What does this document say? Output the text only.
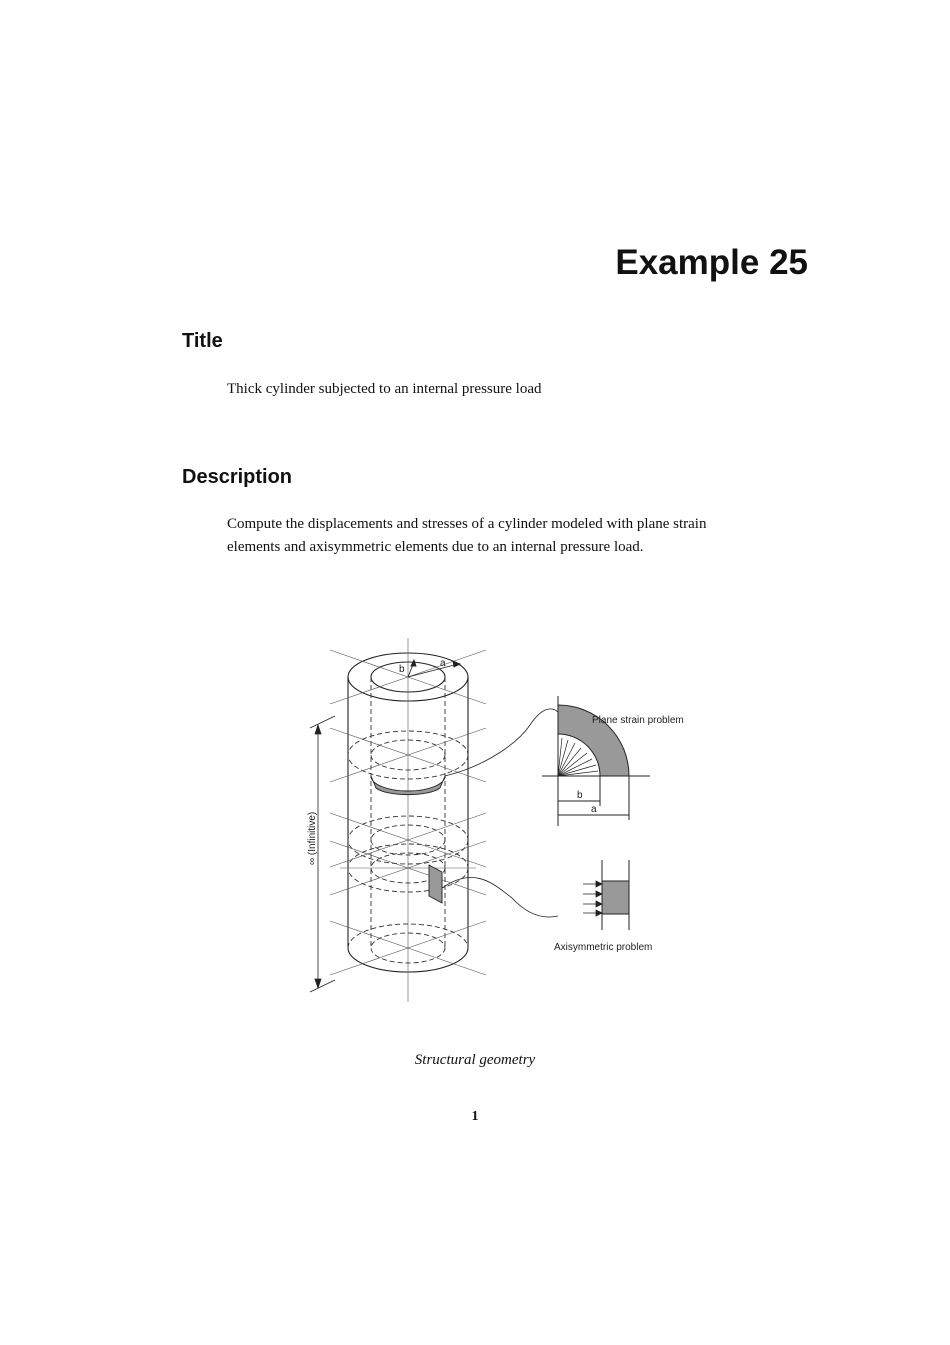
Example 25
Title

Thick cylinder subjected to an internal pressure load

Description

Compute the displacements and stresses of a cylinder modeled with plane strain

elements and axisymmetric elements due to an internal pressure load.

b
a
∞ (Infinitive)
Plane strain problem
b
a
Axisymmetric problem

Structural geometry

1
